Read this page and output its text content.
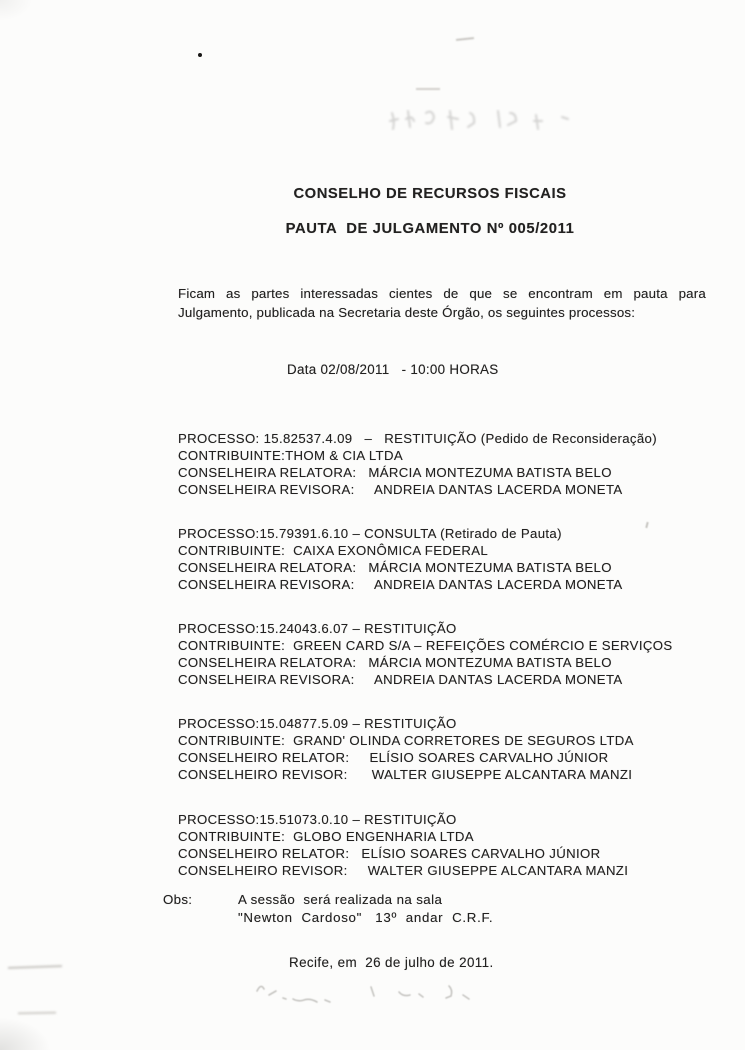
CONSELHO DE RECURSOS FISCAIS
PAUTA  DE JULGAMENTO Nº 005/2011
Ficam as partes interessadas cientes de que se encontram em pauta para
Julgamento, publicada na Secretaria deste Órgão, os seguintes processos:
Data 02/08/2011   - 10:00 HORAS
PROCESSO: 15.82537.4.09   –   RESTITUIÇÃO (Pedido de Reconsideração)
CONTRIBUINTE:THOM & CIA LTDA
CONSELHEIRA RELATORA:   MÁRCIA MONTEZUMA BATISTA BELO
CONSELHEIRA REVISORA:     ANDREIA DANTAS LACERDA MONETA
PROCESSO:15.79391.6.10 – CONSULTA (Retirado de Pauta)
CONTRIBUINTE:  CAIXA EXONÔMICA FEDERAL
CONSELHEIRA RELATORA:   MÁRCIA MONTEZUMA BATISTA BELO
CONSELHEIRA REVISORA:     ANDREIA DANTAS LACERDA MONETA
PROCESSO:15.24043.6.07 – RESTITUIÇÃO
CONTRIBUINTE:  GREEN CARD S/A – REFEIÇÕES COMÉRCIO E SERVIÇOS
CONSELHEIRA RELATORA:   MÁRCIA MONTEZUMA BATISTA BELO
CONSELHEIRA REVISORA:     ANDREIA DANTAS LACERDA MONETA
PROCESSO:15.04877.5.09 – RESTITUIÇÃO
CONTRIBUINTE:  GRAND' OLINDA CORRETORES DE SEGUROS LTDA
CONSELHEIRO RELATOR:     ELÍSIO SOARES CARVALHO JÚNIOR
CONSELHEIRO REVISOR:      WALTER GIUSEPPE ALCANTARA MANZI
PROCESSO:15.51073.0.10 – RESTITUIÇÃO
CONTRIBUINTE:  GLOBO ENGENHARIA LTDA
CONSELHEIRO RELATOR:   ELÍSIO SOARES CARVALHO JÚNIOR
CONSELHEIRO REVISOR:     WALTER GIUSEPPE ALCANTARA MANZI
Obs:	A sessão  será realizada na sala
"Newton  Cardoso"   13º  andar  C.R.F.
Recife, em  26 de julho de 2011.
